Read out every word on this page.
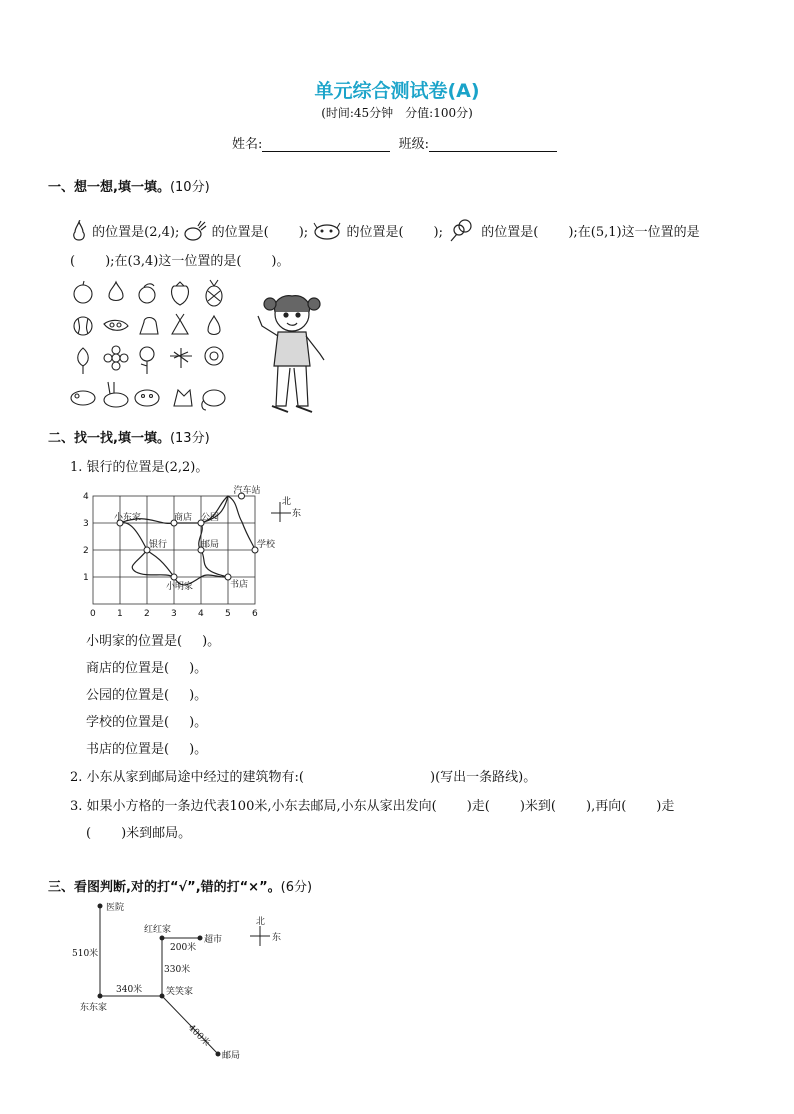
单元综合测试卷(A)
(时间:45分钟　分值:100分)
姓名:	班级:
一、想一想,填一填。(10分)
的位置是(2,4); 的位置是( );	的位置是( );	的位置是( );在(5,1)这一位置的是
( );在(3,4)这一位置的是( )。
二、找一找,填一填。(13分)
1. 银行的位置是(2,2)。
汽车站
小东家	商店 公园
银行	邮局	学校
小明家	书店
0 1 2 3 4 5 6
1
2
3
4	北
东
小明家的位置是( )。
商店的位置是( )。
公园的位置是( )。
学校的位置是( )。
书店的位置是( )。
2. 小东从家到邮局途中经过的建筑物有:(	)(写出一条路线)。
3. 如果小方格的一条边代表100米,小东去邮局,小东从家出发向( )走( )米到( ),再向( )走
( )米到邮局。
三、看图判断,对的打“√”,错的打“×”。(6分)
医院
红红家
超市
笑笑家
东东家
邮局
510米
200米
330米
340米
400米
北
东
